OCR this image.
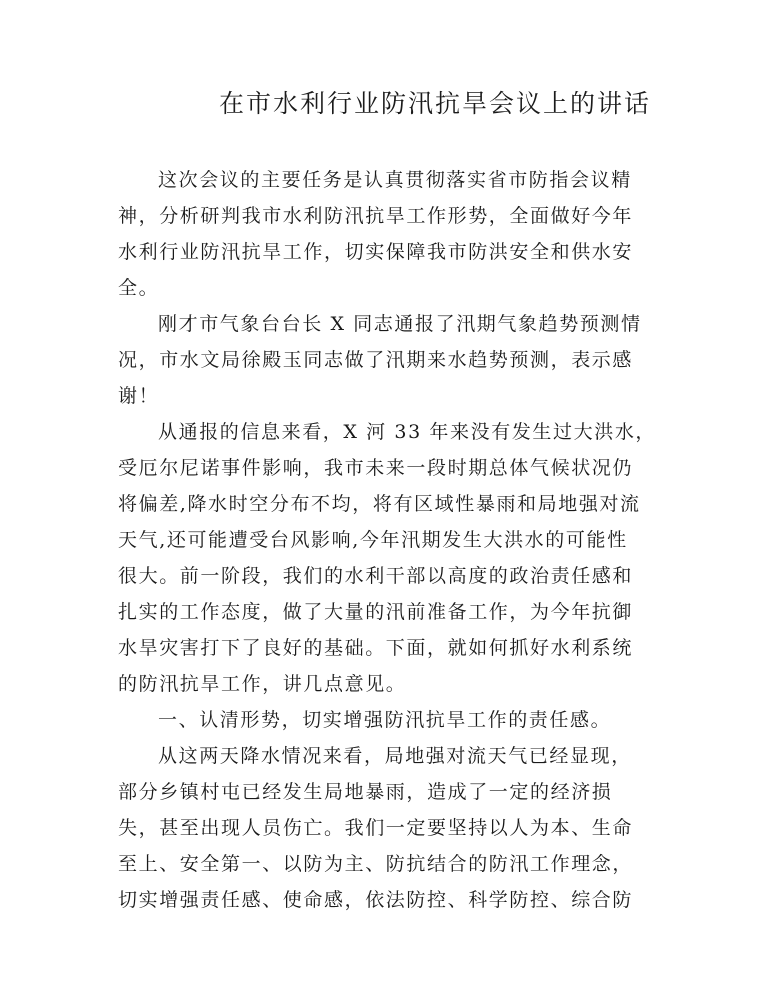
在市水利行业防汛抗旱会议上的讲话

这次会议的主要任务是认真贯彻落实省市防指会议精
神，分析研判我市水利防汛抗旱工作形势，全面做好今年
水利行业防汛抗旱工作，切实保障我市防洪安全和供水安
全。

刚才市气象台台长 X 同志通报了汛期气象趋势预测情
况，市水文局徐殿玉同志做了汛期来水趋势预测，表示感
谢！

从通报的信息来看，X 河 33 年来没有发生过大洪水，
受厄尔尼诺事件影响，我市未来一段时期总体气候状况仍
将偏差,降水时空分布不均，将有区域性暴雨和局地强对流
天气,还可能遭受台风影响,今年汛期发生大洪水的可能性
很大。前一阶段，我们的水利干部以高度的政治责任感和
扎实的工作态度，做了大量的汛前准备工作，为今年抗御
水旱灾害打下了良好的基础。下面，就如何抓好水利系统
的防汛抗旱工作，讲几点意见。

一、认清形势，切实增强防汛抗旱工作的责任感。

从这两天降水情况来看，局地强对流天气已经显现，
部分乡镇村屯已经发生局地暴雨，造成了一定的经济损
失，甚至出现人员伤亡。我们一定要坚持以人为本、生命
至上、安全第一、以防为主、防抗结合的防汛工作理念，
切实增强责任感、使命感，依法防控、科学防控、综合防
